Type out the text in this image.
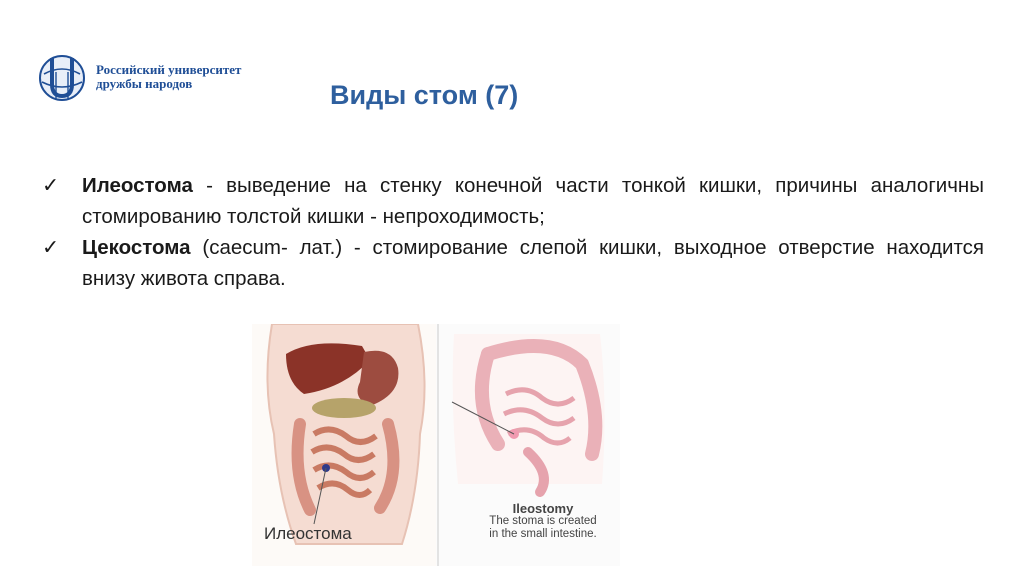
Российский университет
дружбы народов	Виды стом (7)
✓ Илеостома - выведение на стенку конечной части тонкой кишки, причины аналогичны стомированию толстой кишки - непроходимость;
✓ Цекостома (caecum- лат.) - стомирование слепой кишки, выходное отверстие находится внизу живота справа.
Илеостома
Ileostomy
The stoma is created
in the small intestine.
